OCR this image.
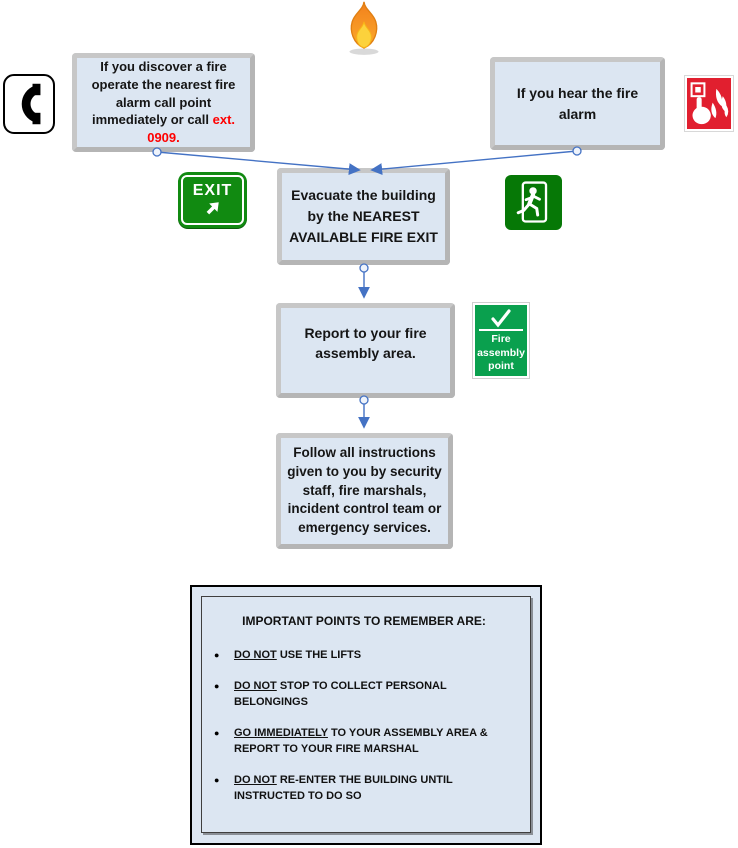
If you discover a fire operate the nearest fire alarm call point immediately or call ext. 0909.
If you hear the fire alarm
EXIT	Evacuate the building by the NEAREST AVAILABLE FIRE EXIT
Report to your fire assembly area.
Fire assembly point
Follow all instructions given to you by security staff, fire marshals, incident control team or emergency services.
IMPORTANT POINTS TO REMEMBER ARE:
●
DO NOT USE THE LIFTS
●
DO NOT STOP TO COLLECT PERSONAL BELONGINGS
●
GO IMMEDIATELY TO YOUR ASSEMBLY AREA & REPORT TO YOUR FIRE MARSHAL
●
DO NOT RE-ENTER THE BUILDING UNTIL INSTRUCTED TO DO SO
